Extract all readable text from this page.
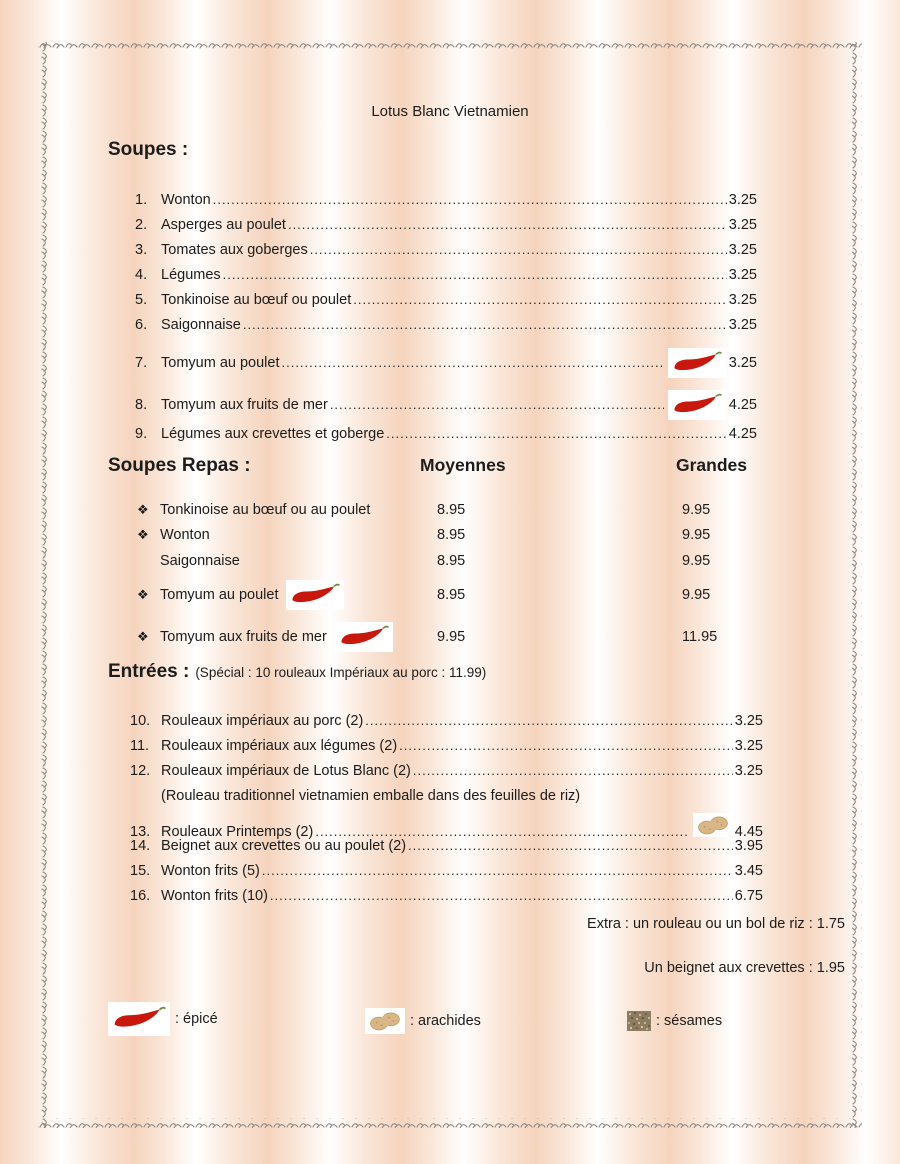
Lotus Blanc Vietnamien
Soupes :
1. Wonton .....	3.25
2. Asperges au poulet .....	3.25
3. Tomates aux goberges .....	3.25
4. Légumes .....	3.25
5. Tonkinoise au bœuf ou poulet .....	3.25
6. Saigonnaise .....	3.25
7. Tomyum au poulet .....	3.25
8. Tomyum aux fruits de mer .....	4.25
9. Légumes aux crevettes et goberge .....	4.25
Soupes Repas :	Moyennes	Grandes
❖ Tonkinoise au bœuf ou au poulet	8.95	9.95
❖ Wonton	8.95	9.95
Saigonnaise	8.95	9.95
❖ Tomyum au poulet	8.95	9.95
❖ Tomyum aux fruits de mer	9.95	11.95
Entrées : (Spécial : 10 rouleaux Impériaux au porc : 11.99)
10. Rouleaux impériaux au porc (2) .....	3.25
11. Rouleaux impériaux aux légumes (2) .....	3.25
12. Rouleaux impériaux de Lotus Blanc (2) .....	3.25
(Rouleau traditionnel vietnamien emballe dans des feuilles de riz)
13. Rouleaux Printemps (2) .....	4.45
14. Beignet aux crevettes ou au poulet (2) .....	3.95
15. Wonton frits (5) .....	3.45
16. Wonton frits (10) .....	6.75
Extra : un rouleau ou un bol de riz : 1.75
Un beignet aux crevettes : 1.95
: épicé	: arachides	: sésames
